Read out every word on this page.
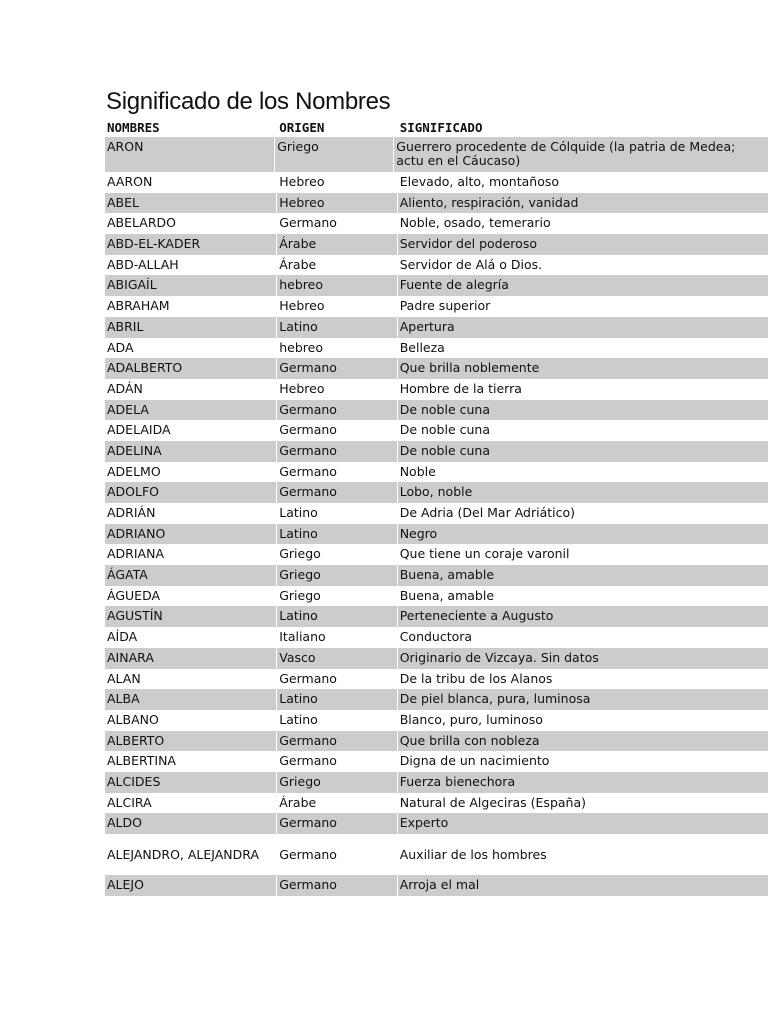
Significado de los Nombres
NOMBRES	ORIGEN	SIGNIFICADO
ARON	Griego	Guerrero procedente de Cólquide (la patria de Medea; actu en el Cáucaso)
AARON	Hebreo	Elevado, alto, montañoso
ABEL	Hebreo	Aliento, respiración, vanidad
ABELARDO	Germano	Noble, osado, temerario
ABD-EL-KADER	Árabe	Servidor del poderoso
ABD-ALLAH	Árabe	Servidor de Alá o Dios.
ABIGAÍL	hebreo	Fuente de alegría
ABRAHAM	Hebreo	Padre superior
ABRIL	Latino	Apertura
ADA	hebreo	Belleza
ADALBERTO	Germano	Que brilla noblemente
ADÁN	Hebreo	Hombre de la tierra
ADELA	Germano	De noble cuna
ADELAIDA	Germano	De noble cuna
ADELINA	Germano	De noble cuna
ADELMO	Germano	Noble
ADOLFO	Germano	Lobo, noble
ADRIÁN	Latino	De Adria (Del Mar Adriático)
ADRIANO	Latino	Negro
ADRIANA	Griego	Que tiene un coraje varonil
ÁGATA	Griego	Buena, amable
ÁGUEDA	Griego	Buena, amable
AGUSTÍN	Latino	Perteneciente a Augusto
AÍDA	Italiano	Conductora
AINARA	Vasco	Originario de Vizcaya. Sin datos
ALAN	Germano	De la tribu de los Alanos
ALBA	Latino	De piel blanca, pura, luminosa
ALBANO	Latino	Blanco, puro, luminoso
ALBERTO	Germano	Que brilla con nobleza
ALBERTINA	Germano	Digna de un nacimiento
ALCIDES	Griego	Fuerza bienechora
ALCIRA	Árabe	Natural de Algeciras (España)
ALDO	Germano	Experto
ALEJANDRO, ALEJANDRA	Germano	Auxiliar de los hombres
ALEJO	Germano	Arroja el mal
